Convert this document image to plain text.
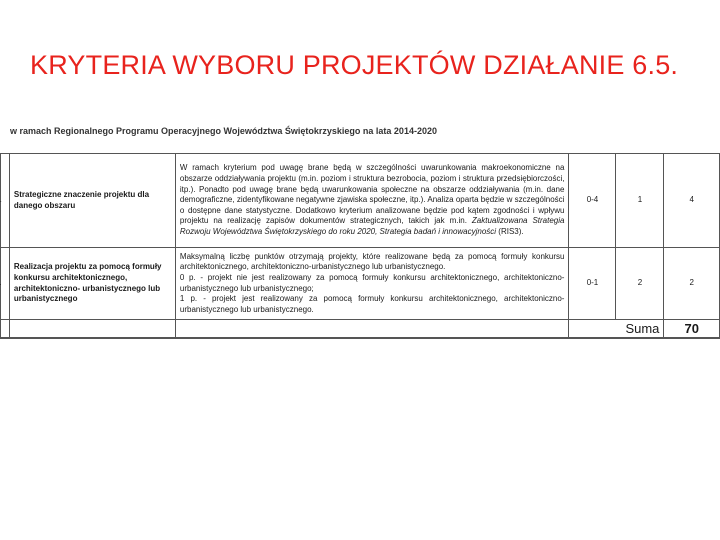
KRYTERIA WYBORU PROJEKTÓW DZIAŁANIE 6.5.
w ramach Regionalnego Programu Operacyjnego Województwa Świętokrzyskiego na lata 2014-2020

Strategiczne znaczenie projektu dla danego obszaru	W ramach kryterium pod uwagę brane będą w szczególności uwarunkowania makroekonomiczne na obszarze oddziaływania projektu (m.in. poziom i struktura bezrobocia, poziom i struktura przedsiębiorczości, itp.). Ponadto pod uwagę brane będą uwarunkowania społeczne na obszarze oddziaływania (m.in. dane demograficzne, zidentyfikowane negatywne zjawiska społeczne, itp.). Analiza oparta będzie w szczególności o dostępne dane statystyczne. Dodatkowo kryterium analizowane będzie pod kątem zgodności i wpływu projektu na realizację zapisów dokumentów strategicznych, takich jak m.in. Zaktualizowana Strategia Rozwoju Województwa Świętokrzyskiego do roku 2020, Strategia badań i innowacyjności (RIS3).	0-4	1	4

Realizacja projektu za pomocą formuły konkursu architektonicznego, architektoniczno- urbanistycznego lub urbanistycznego	Maksymalną liczbę punktów otrzymają projekty, które realizowane będą za pomocą formuły konkursu architektonicznego, architektoniczno-urbanistycznego lub urbanistycznego.
0 p. - projekt nie jest realizowany za pomocą formuły konkursu architektonicznego, architektoniczno-urbanistycznego lub urbanistycznego;
1 p. - projekt jest realizowany za pomocą formuły konkursu architektonicznego, architektoniczno-urbanistycznego lub urbanistycznego.	0-1	2	2
			Suma		70
